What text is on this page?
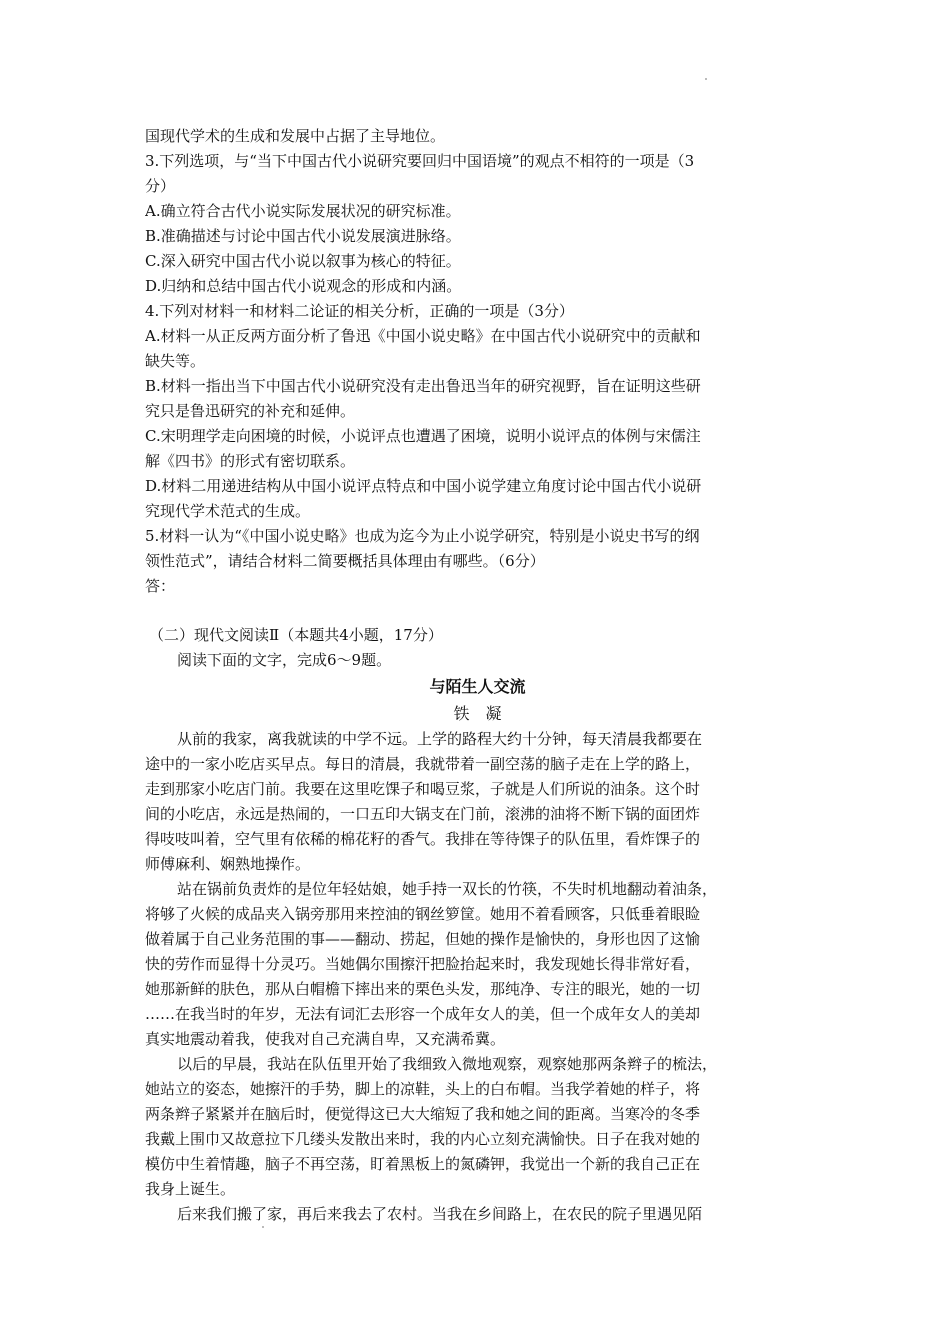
国现代学术的生成和发展中占据了主导地位。
3.下列选项，与“当下中国古代小说研究要回归中国语境”的观点不相符的一项是（3
分）
A.确立符合古代小说实际发展状况的研究标准。
B.准确描述与讨论中国古代小说发展演进脉络。
C.深入研究中国古代小说以叙事为核心的特征。
D.归纳和总结中国古代小说观念的形成和内涵。
4.下列对材料一和材料二论证的相关分析，正确的一项是（3分）
A.材料一从正反两方面分析了鲁迅《中国小说史略》在中国古代小说研究中的贡献和
缺失等。
B.材料一指出当下中国古代小说研究没有走出鲁迅当年的研究视野，旨在证明这些研
究只是鲁迅研究的补充和延伸。
C.宋明理学走向困境的时候，小说评点也遭遇了困境，说明小说评点的体例与宋儒注
解《四书》的形式有密切联系。
D.材料二用递进结构从中国小说评点特点和中国小说学建立角度讨论中国古代小说研
究现代学术范式的生成。
5.材料一认为“《中国小说史略》也成为迄今为止小说学研究，特别是小说史书写的纲
领性范式”，请结合材料二简要概括具体理由有哪些。（6分）
答：
（二）现代文阅读Ⅱ（本题共4小题，17分）
阅读下面的文字，完成6～9题。
与陌生人交流
铁　凝
从前的我家，离我就读的中学不远。上学的路程大约十分钟，每天清晨我都要在
途中的一家小吃店买早点。每日的清晨，我就带着一副空荡的脑子走在上学的路上，
走到那家小吃店门前。我要在这里吃馃子和喝豆浆，子就是人们所说的油条。这个时
间的小吃店，永远是热闹的，一口五印大锅支在门前，滚沸的油将不断下锅的面团炸
得吱吱叫着，空气里有依稀的棉花籽的香气。我排在等待馃子的队伍里，看炸馃子的
师傅麻利、娴熟地操作。
站在锅前负责炸的是位年轻姑娘，她手持一双长的竹筷，不失时机地翻动着油条，
将够了火候的成品夹入锅旁那用来控油的钢丝箩筐。她用不着看顾客，只低垂着眼睑
做着属于自己业务范围的事——翻动、捞起，但她的操作是愉快的，身形也因了这愉
快的劳作而显得十分灵巧。当她偶尔围擦汗把脸抬起来时，我发现她长得非常好看，
她那新鲜的肤色，那从白帽檐下摔出来的栗色头发，那纯净、专注的眼光，她的一切
……在我当时的年岁，无法有词汇去形容一个成年女人的美，但一个成年女人的美却
真实地震动着我，使我对自己充满自卑，又充满希冀。
以后的早晨，我站在队伍里开始了我细致入微地观察，观察她那两条辫子的梳法，
她站立的姿态，她擦汗的手势，脚上的凉鞋，头上的白布帽。当我学着她的样子，将
两条辫子紧紧并在脑后时，便觉得这已大大缩短了我和她之间的距离。当寒冷的冬季
我戴上围巾又故意拉下几缕头发散出来时，我的内心立刻充满愉快。日子在我对她的
模仿中生着情趣，脑子不再空荡，盯着黑板上的氮磷钾，我觉出一个新的我自己正在
我身上诞生。
后来我们搬了家，再后来我去了农村。当我在乡间路上，在农民的院子里遇见陌
